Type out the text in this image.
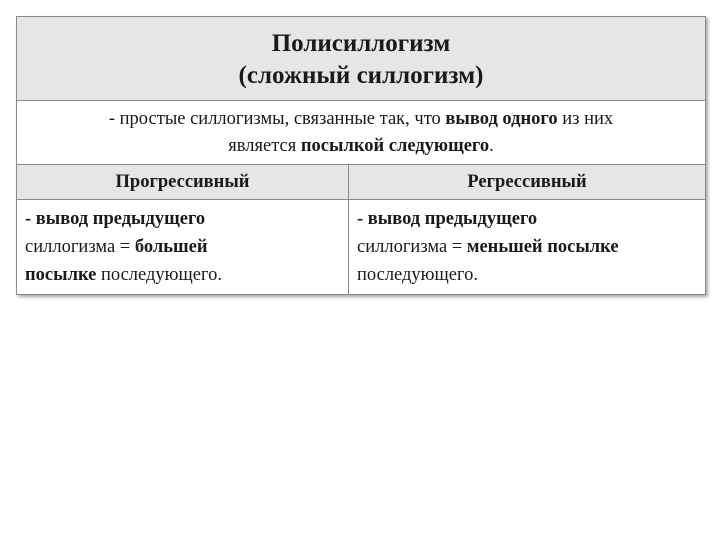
Полисиллогизм
(сложный силлогизм)
- простые силлогизмы, связанные так, что вывод одного из них
является посылкой следующего.
Прогрессивный	Регрессивный
- вывод предыдущего
силлогизма = большей
посылке последующего.
- вывод предыдущего
силлогизма = меньшей посылке
последующего.
